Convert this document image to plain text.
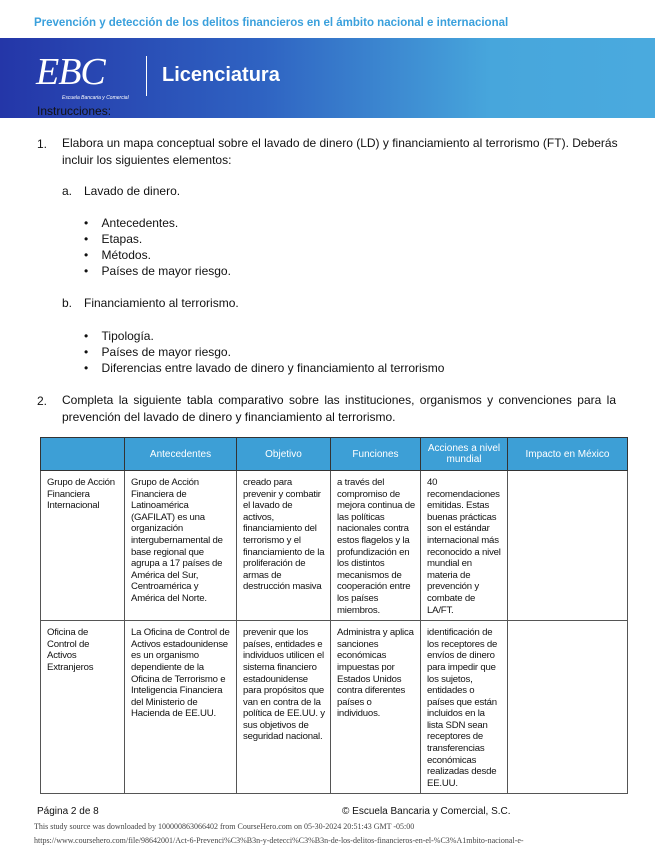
Prevención y detección de los delitos financieros en el ámbito nacional e internacional
EBC
Escuela Bancaria y Comercial
Licenciatura
Instrucciones:
1. Elabora un mapa conceptual sobre el lavado de dinero (LD) y financiamiento al terrorismo (FT). Deberás incluir los siguientes elementos:
a. Lavado de dinero.
•    Antecedentes.
•    Etapas.
•    Métodos.
•    Países de mayor riesgo.
b. Financiamiento al terrorismo.
•    Tipología.
•    Países de mayor riesgo.
•    Diferencias entre lavado de dinero y financiamiento al terrorismo
2. Completa la siguiente tabla comparativo sobre las instituciones, organismos y convenciones para la prevención del lavado de dinero y financiamiento al terrorismo.
	Antecedentes	Objetivo	Funciones	Acciones a nivel mundial	Impacto en México
Grupo de Acción Financiera Internacional	Grupo de Acción Financiera de Latinoamérica (GAFILAT) es una organización intergubernamental de base regional que agrupa a 17 países de América del Sur, Centroamérica y América del Norte.	creado para prevenir y combatir el lavado de activos, financiamiento del terrorismo y el financiamiento de la proliferación de armas de destrucción masiva	a través del compromiso de mejora continua de las políticas nacionales contra estos flagelos y la profundización en los distintos mecanismos de cooperación entre los países miembros.	40 recomendaciones emitidas. Estas buenas prácticas son el estándar internacional más reconocido a nivel mundial en materia de prevención y combate de LA/FT.	
Oficina de Control de Activos Extranjeros	La Oficina de Control de Activos estadounidense es un organismo dependiente de la Oficina de Terrorismo e Inteligencia Financiera del Ministerio de Hacienda de EE.UU.	prevenir que los países, entidades e individuos utilicen el sistema financiero estadounidense para propósitos que van en contra de la política de EE.UU. y sus objetivos de seguridad nacional.	Administra y aplica sanciones económicas impuestas por Estados Unidos contra diferentes países o individuos.	identificación de los receptores de envíos de dinero para impedir que los sujetos, entidades o países que están incluidos en la lista SDN sean receptores de transferencias económicas realizadas desde EE.UU.	
Página 2 de 8	© Escuela Bancaria y Comercial, S.C.
This study source was downloaded by 100000863066402 from CourseHero.com on 05-30-2024 20:51:43 GMT -05:00
https://www.coursehero.com/file/98642001/Act-6-Prevenci%C3%B3n-y-detecci%C3%B3n-de-los-delitos-financieros-en-el-%C3%A1mbito-nacional-e-
